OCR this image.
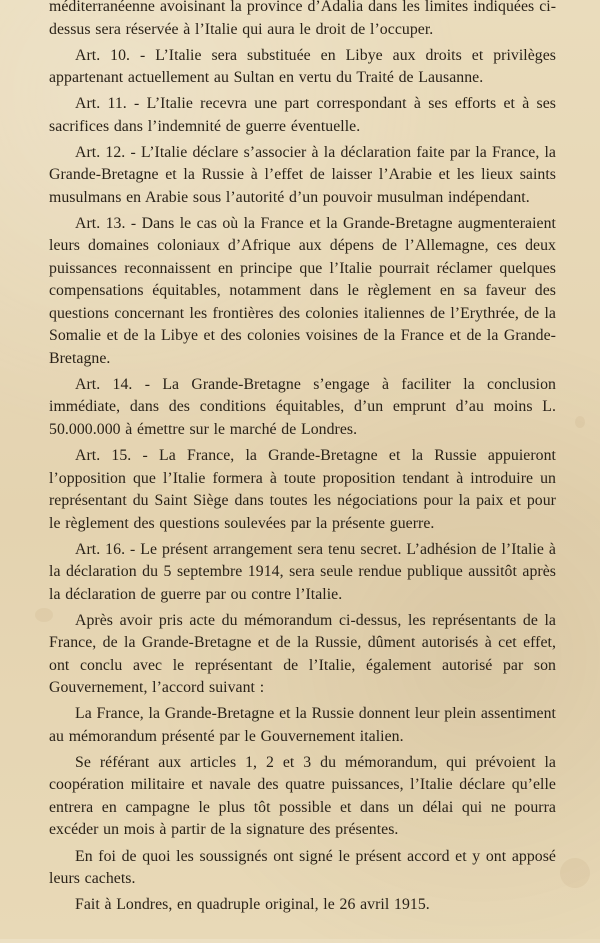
méditerranéenne avoisinant la province d’Adalia dans les limites indiquées ci-dessus sera réservée à l’Italie qui aura le droit de l’occuper.

Art. 10. - L’Italie sera substituée en Libye aux droits et privilèges appartenant actuellement au Sultan en vertu du Traité de Lausanne.

Art. 11. - L’Italie recevra une part correspondant à ses efforts et à ses sacrifices dans l’indemnité de guerre éventuelle.

Art. 12. - L’Italie déclare s’associer à la déclaration faite par la France, la Grande-Bretagne et la Russie à l’effet de laisser l’Arabie et les lieux saints musulmans en Arabie sous l’autorité d’un pouvoir musulman indépendant.

Art. 13. - Dans le cas où la France et la Grande-Bretagne augmenteraient leurs domaines coloniaux d’Afrique aux dépens de l’Allemagne, ces deux puissances reconnaissent en principe que l’Italie pourrait réclamer quelques compensations équitables, notamment dans le règlement en sa faveur des questions concernant les frontières des colonies italiennes de l’Erythrée, de la Somalie et de la Libye et des colonies voisines de la France et de la Grande-Bretagne.

Art. 14. - La Grande-Bretagne s’engage à faciliter la conclusion immédiate, dans des conditions équitables, d’un emprunt d’au moins L. 50.000.000 à émettre sur le marché de Londres.

Art. 15. - La France, la Grande-Bretagne et la Russie appuieront l’opposition que l’Italie formera à toute proposition tendant à introduire un représentant du Saint Siège dans toutes les négociations pour la paix et pour le règlement des questions soulevées par la présente guerre.

Art. 16. - Le présent arrangement sera tenu secret. L’adhésion de l’Italie à la déclaration du 5 septembre 1914, sera seule rendue publique aussitôt après la déclaration de guerre par ou contre l’Italie.

Après avoir pris acte du mémorandum ci-dessus, les représentants de la France, de la Grande-Bretagne et de la Russie, dûment autorisés à cet effet, ont conclu avec le représentant de l’Italie, également autorisé par son Gouvernement, l’accord suivant :

La France, la Grande-Bretagne et la Russie donnent leur plein assentiment au mémorandum présenté par le Gouvernement italien.

Se référant aux articles 1, 2 et 3 du mémorandum, qui prévoient la coopération militaire et navale des quatre puissances, l’Italie déclare qu’elle entrera en campagne le plus tôt possible et dans un délai qui ne pourra excéder un mois à partir de la signature des présentes.

En foi de quoi les soussignés ont signé le présent accord et y ont apposé leurs cachets.

Fait à Londres, en quadruple original, le 26 avril 1915.
